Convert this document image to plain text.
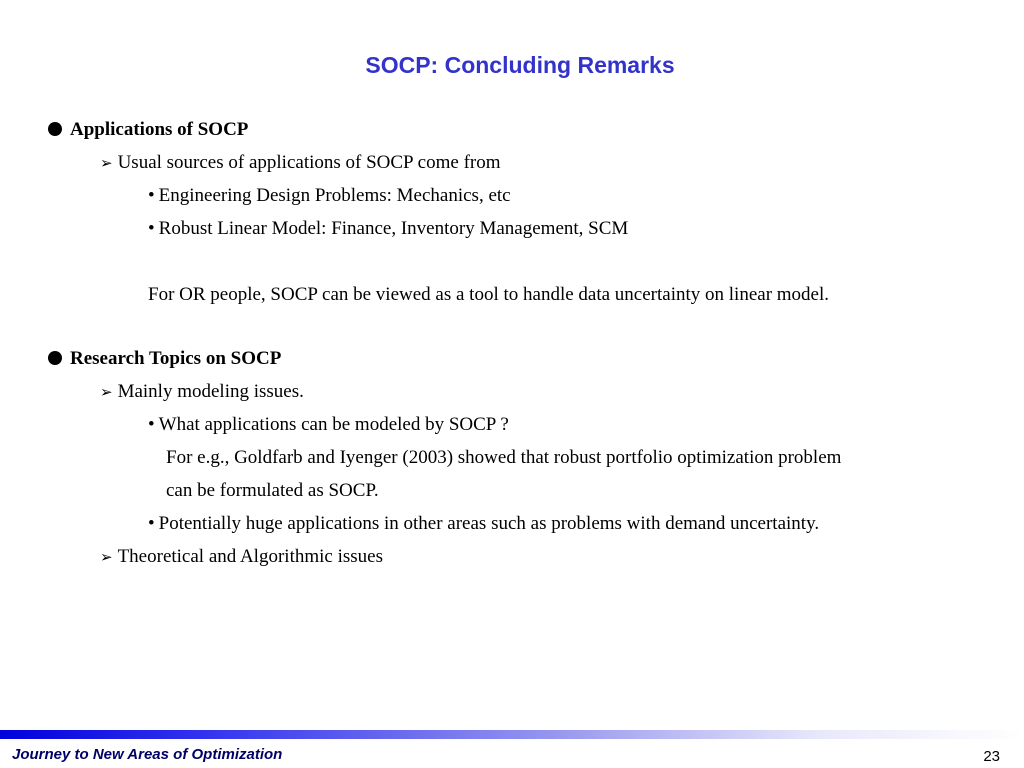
SOCP: Concluding Remarks
Applications of SOCP
➢ Usual sources of applications of SOCP come from
• Engineering Design Problems: Mechanics, etc
• Robust Linear Model: Finance, Inventory Management, SCM
For OR people, SOCP can be viewed as a tool to handle data uncertainty on linear model.
Research Topics on SOCP
➢ Mainly modeling issues.
• What applications can be modeled by SOCP ?
For e.g., Goldfarb and Iyenger (2003) showed that robust portfolio optimization problem
can be formulated as SOCP.
• Potentially huge applications in other areas such as problems with demand uncertainty.
➢ Theoretical and Algorithmic issues
Journey to New Areas of Optimization	23
